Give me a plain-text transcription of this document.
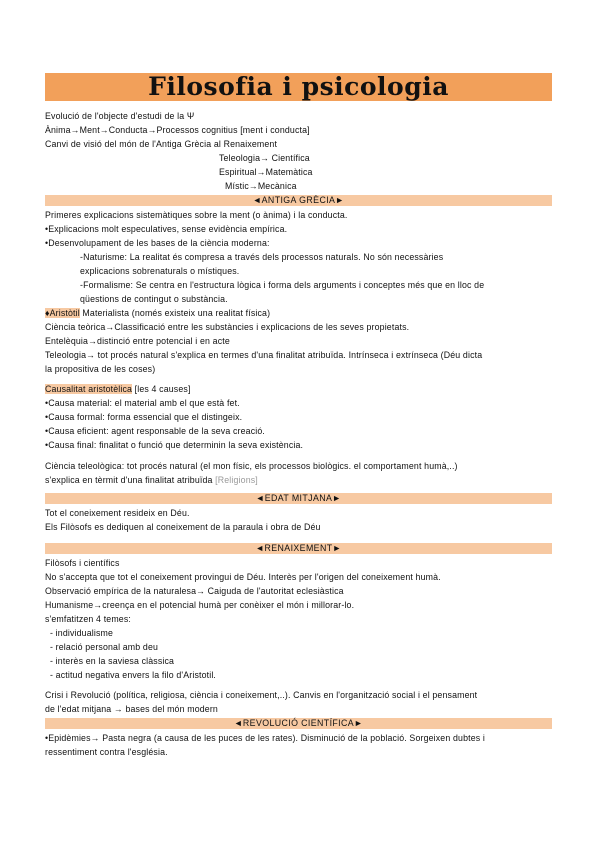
Filosofia i psicologia
Evolució de l'objecte d'estudi de la Ψ
Ànima→Ment→Conducta→Processos cognitius [ment i conducta]
Canvi de visió del món de l'Antiga Grècia al Renaixement
Teleologia→ Científica
Espiritual→Matemàtica
Místic→Mecànica
◄ANTIGA GRÈCIA►
Primeres explicacions sistemàtiques sobre la ment (o ànima) i la conducta.
•Explicacions molt especulatives, sense evidència empírica.
•Desenvolupament de les bases de la ciència moderna:
-Naturisme: La realitat és compresa a través dels processos naturals. No són necessàries
explicacions sobrenaturals o místiques.
-Formalisme: Se centra en l'estructura lògica i forma dels arguments i conceptes més que en lloc de
qüestions de contingut o substància.
♦Aristòtil Materialista (només existeix una realitat física)
Ciència teòrica→Classificació entre les substàncies i explicacions de les seves propietats.
Entelèquia→distinció entre potencial i en acte
Teleologia→ tot procés natural s'explica en termes d'una finalitat atribuïda. Intrínseca i extrínseca (Déu dicta
la propositiva de les coses)
Causalitat aristotèlica [les 4 causes]
•Causa material: el material amb el que està fet.
•Causa formal: forma essencial que el distingeix.
•Causa eficient: agent responsable de la seva creació.
•Causa final: finalitat o funció que determinin la seva existència.
Ciència teleològica: tot procés natural (el mon físic, els processos biològics. el comportament humà,..)
s'explica en tèrmit d'una finalitat atribuïda [Religions]
◄EDAT MITJANA►
Tot el coneixement resideix en Déu.
Els Filòsofs es dediquen al coneixement de la paraula i obra de Déu
◄RENAIXEMENT►
Filòsofs i científics
No s'accepta que tot el coneixement provingui de Déu. Interès per l'origen del coneixement humà.
Observació empírica de la naturalesa→ Caiguda de l'autoritat eclesiàstica
Humanisme→creença en el potencial humà per conèixer el món i millorar-lo.
s'emfatitzen 4 temes:
- individualisme
- relació personal amb deu
- interès en la saviesa clàssica
- actitud negativa envers la filo d'Aristotil.
Crisi i Revolució (política, religiosa, ciència i coneixement,..). Canvis en l'organització social i el pensament
de l'edat mitjana → bases del món modern
◄REVOLUCIÓ CIENTÍFICA►
•Epidèmies→ Pasta negra (a causa de les puces de les rates). Disminució de la població. Sorgeixen dubtes i
ressentiment contra l'església.
